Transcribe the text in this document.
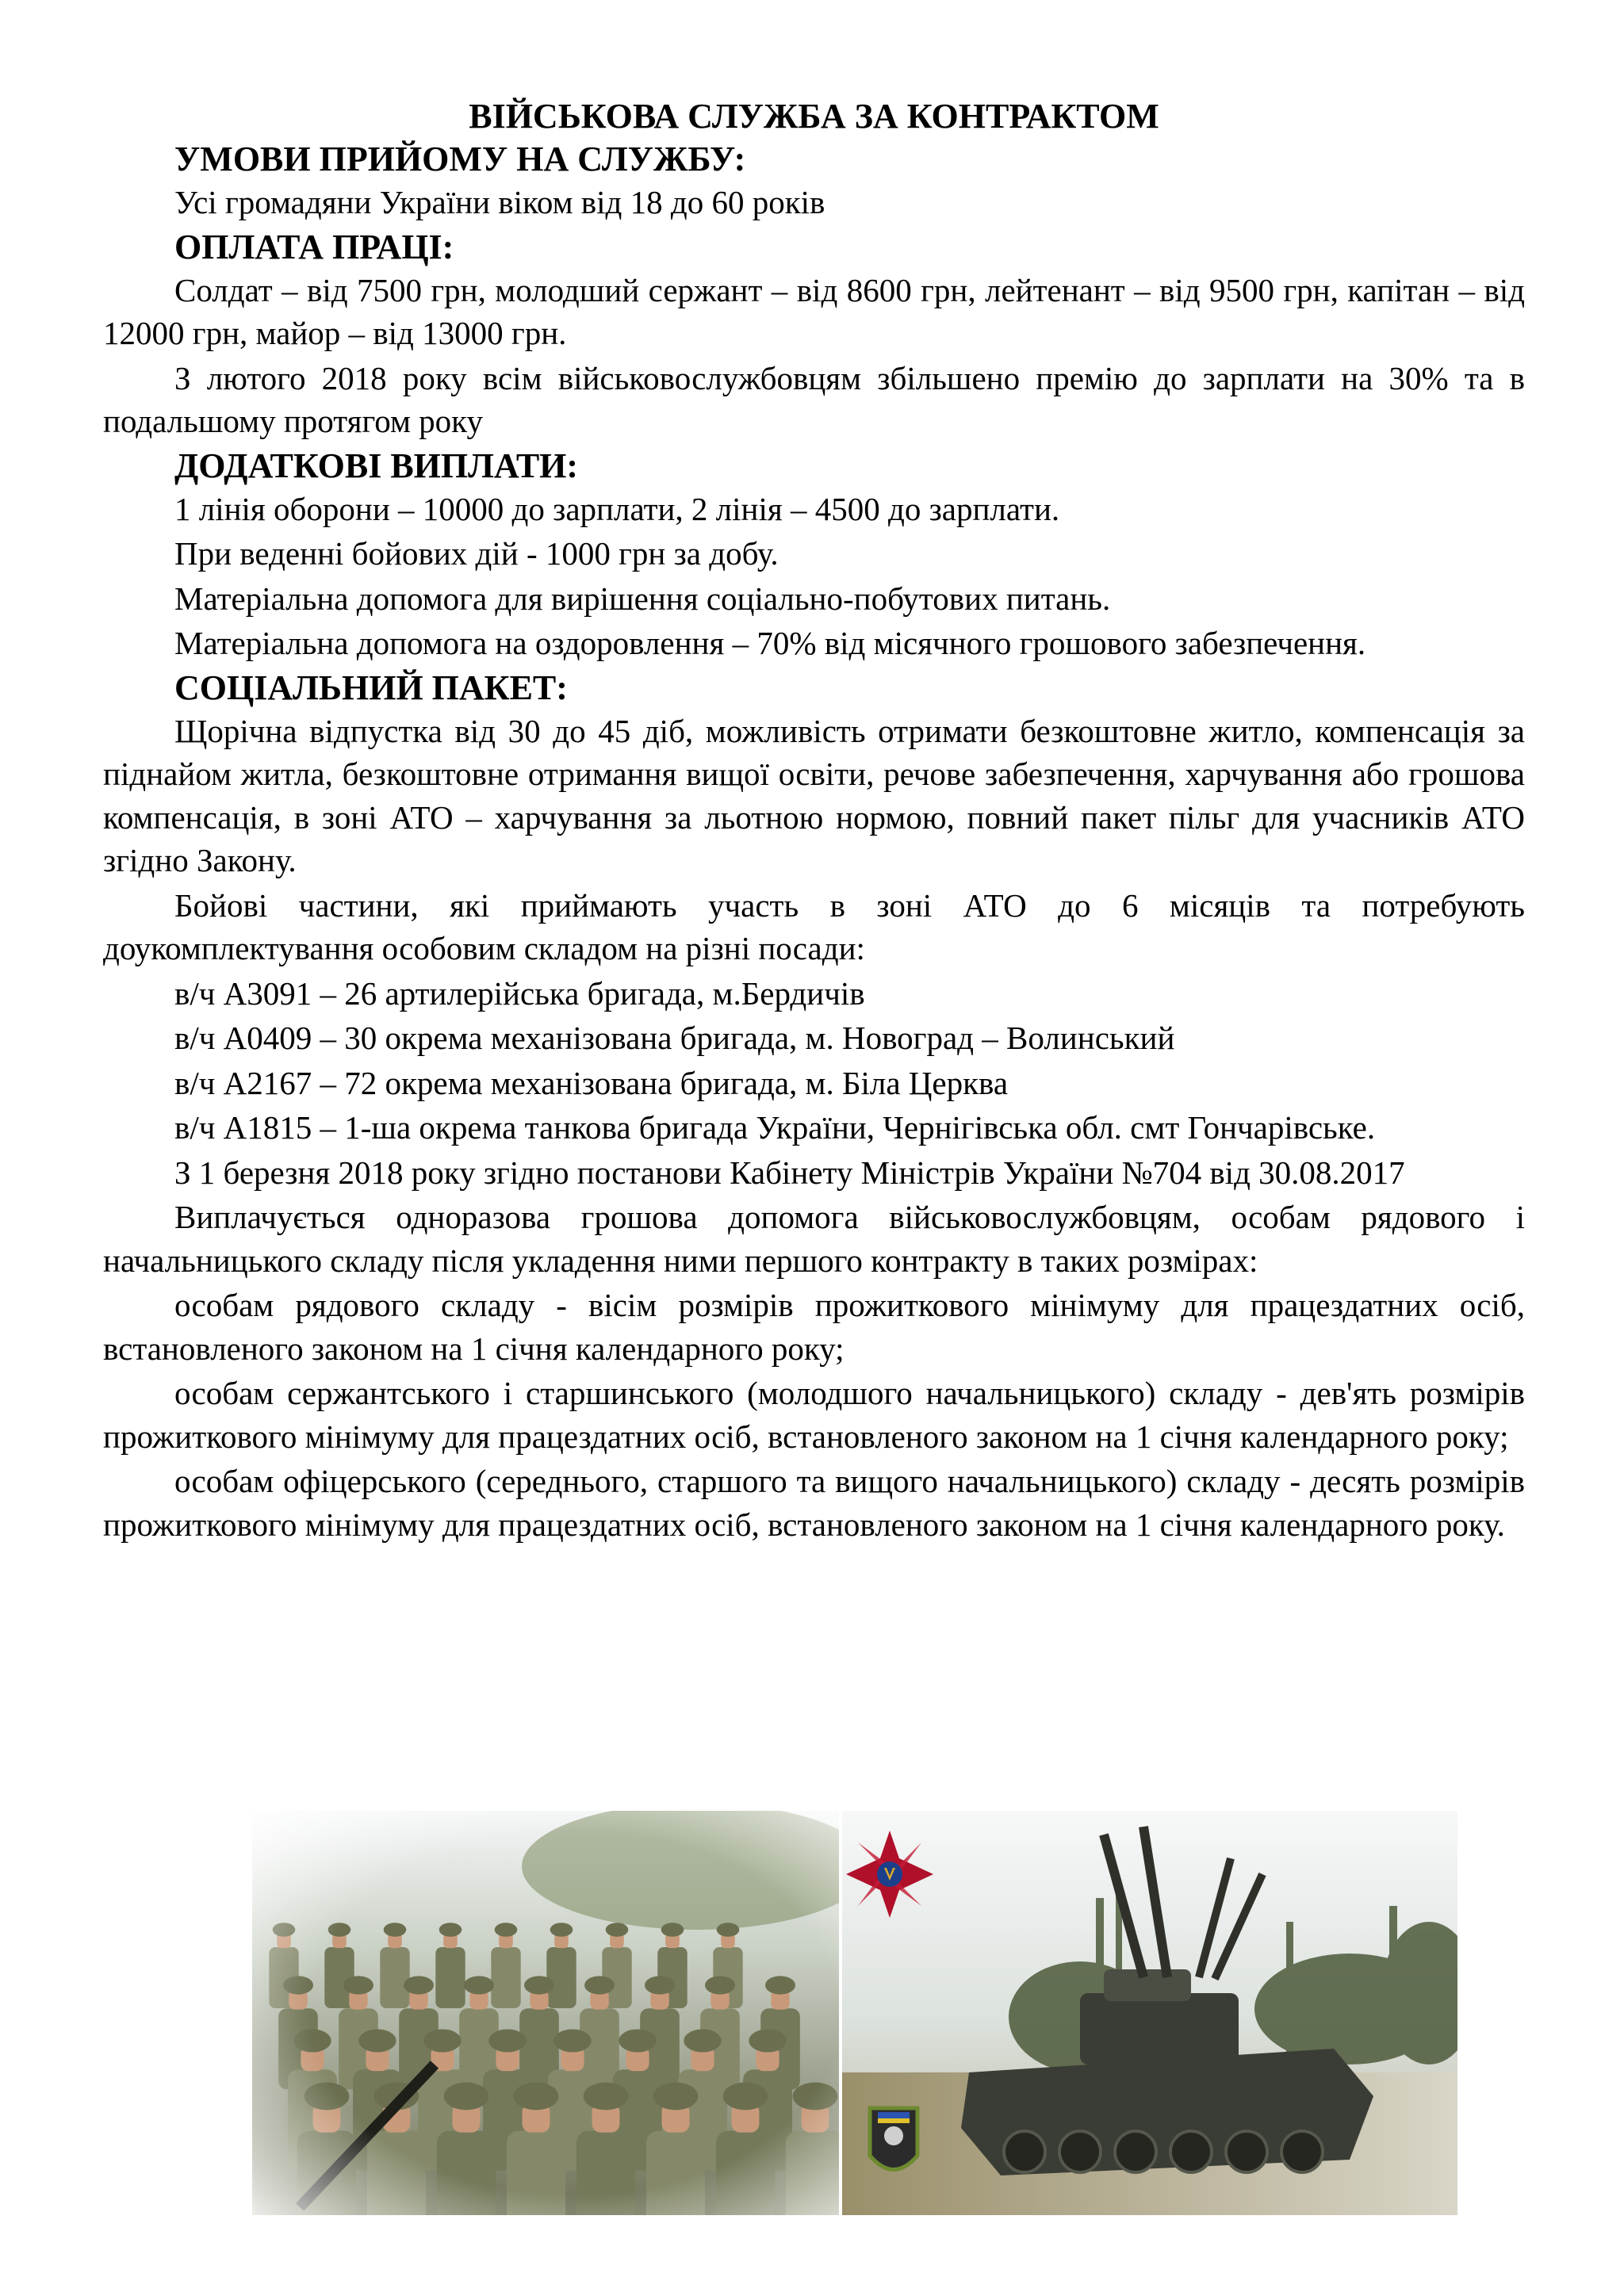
ВІЙСЬКОВА СЛУЖБА ЗА КОНТРАКТОМ
УМОВИ ПРИЙОМУ НА СЛУЖБУ:

Усі громадяни України віком від 18 до 60 років

ОПЛАТА ПРАЦІ:

Солдат – від 7500 грн, молодший сержант – від 8600 грн, лейтенант – від 9500 грн, капітан – від 12000 грн, майор – від 13000 грн.

З лютого 2018 року всім військовослужбовцям збільшено премію до зарплати на 30% та в подальшому протягом року

ДОДАТКОВІ ВИПЛАТИ:

1 лінія оборони – 10000 до зарплати, 2 лінія – 4500 до зарплати.

При веденні бойових дій - 1000 грн за добу.

Матеріальна допомога для вирішення соціально-побутових питань.

Матеріальна допомога на оздоровлення – 70% від місячного грошового забезпечення.

СОЦІАЛЬНИЙ ПАКЕТ:

Щорічна відпустка від 30 до 45 діб, можливість отримати безкоштовне житло, компенсація за піднайом житла, безкоштовне отримання вищої освіти, речове забезпечення, харчування або грошова компенсація, в зоні АТО – харчування за льотною нормою, повний пакет пільг для учасників АТО згідно Закону.

Бойові частини, які приймають участь в зоні АТО до 6 місяців та потребують доукомплектування особовим складом на різні посади:

в/ч А3091 – 26 артилерійська бригада, м.Бердичів

в/ч А0409 – 30 окрема механізована бригада, м. Новоград – Волинський

в/ч А2167 – 72 окрема механізована бригада, м. Біла Церква

в/ч А1815 – 1-ша окрема танкова бригада України, Чернігівська обл. смт Гончарівське.

З 1 березня 2018 року згідно постанови Кабінету Міністрів України №704 від 30.08.2017

Виплачується одноразова грошова допомога військовослужбовцям, особам рядового і начальницького складу після укладення ними першого контракту в таких розмірах:

особам рядового складу - вісім розмірів прожиткового мінімуму для працездатних осіб, встановленого законом на 1 січня календарного року;

особам сержантського і старшинського (молодшого начальницького) складу - дев'ять розмірів прожиткового мінімуму для працездатних осіб, встановленого законом на 1 січня календарного року;

особам офіцерського (середнього, старшого та вищого начальницького) складу - десять розмірів прожиткового мінімуму для працездатних осіб, встановленого законом на 1 січня календарного року.
